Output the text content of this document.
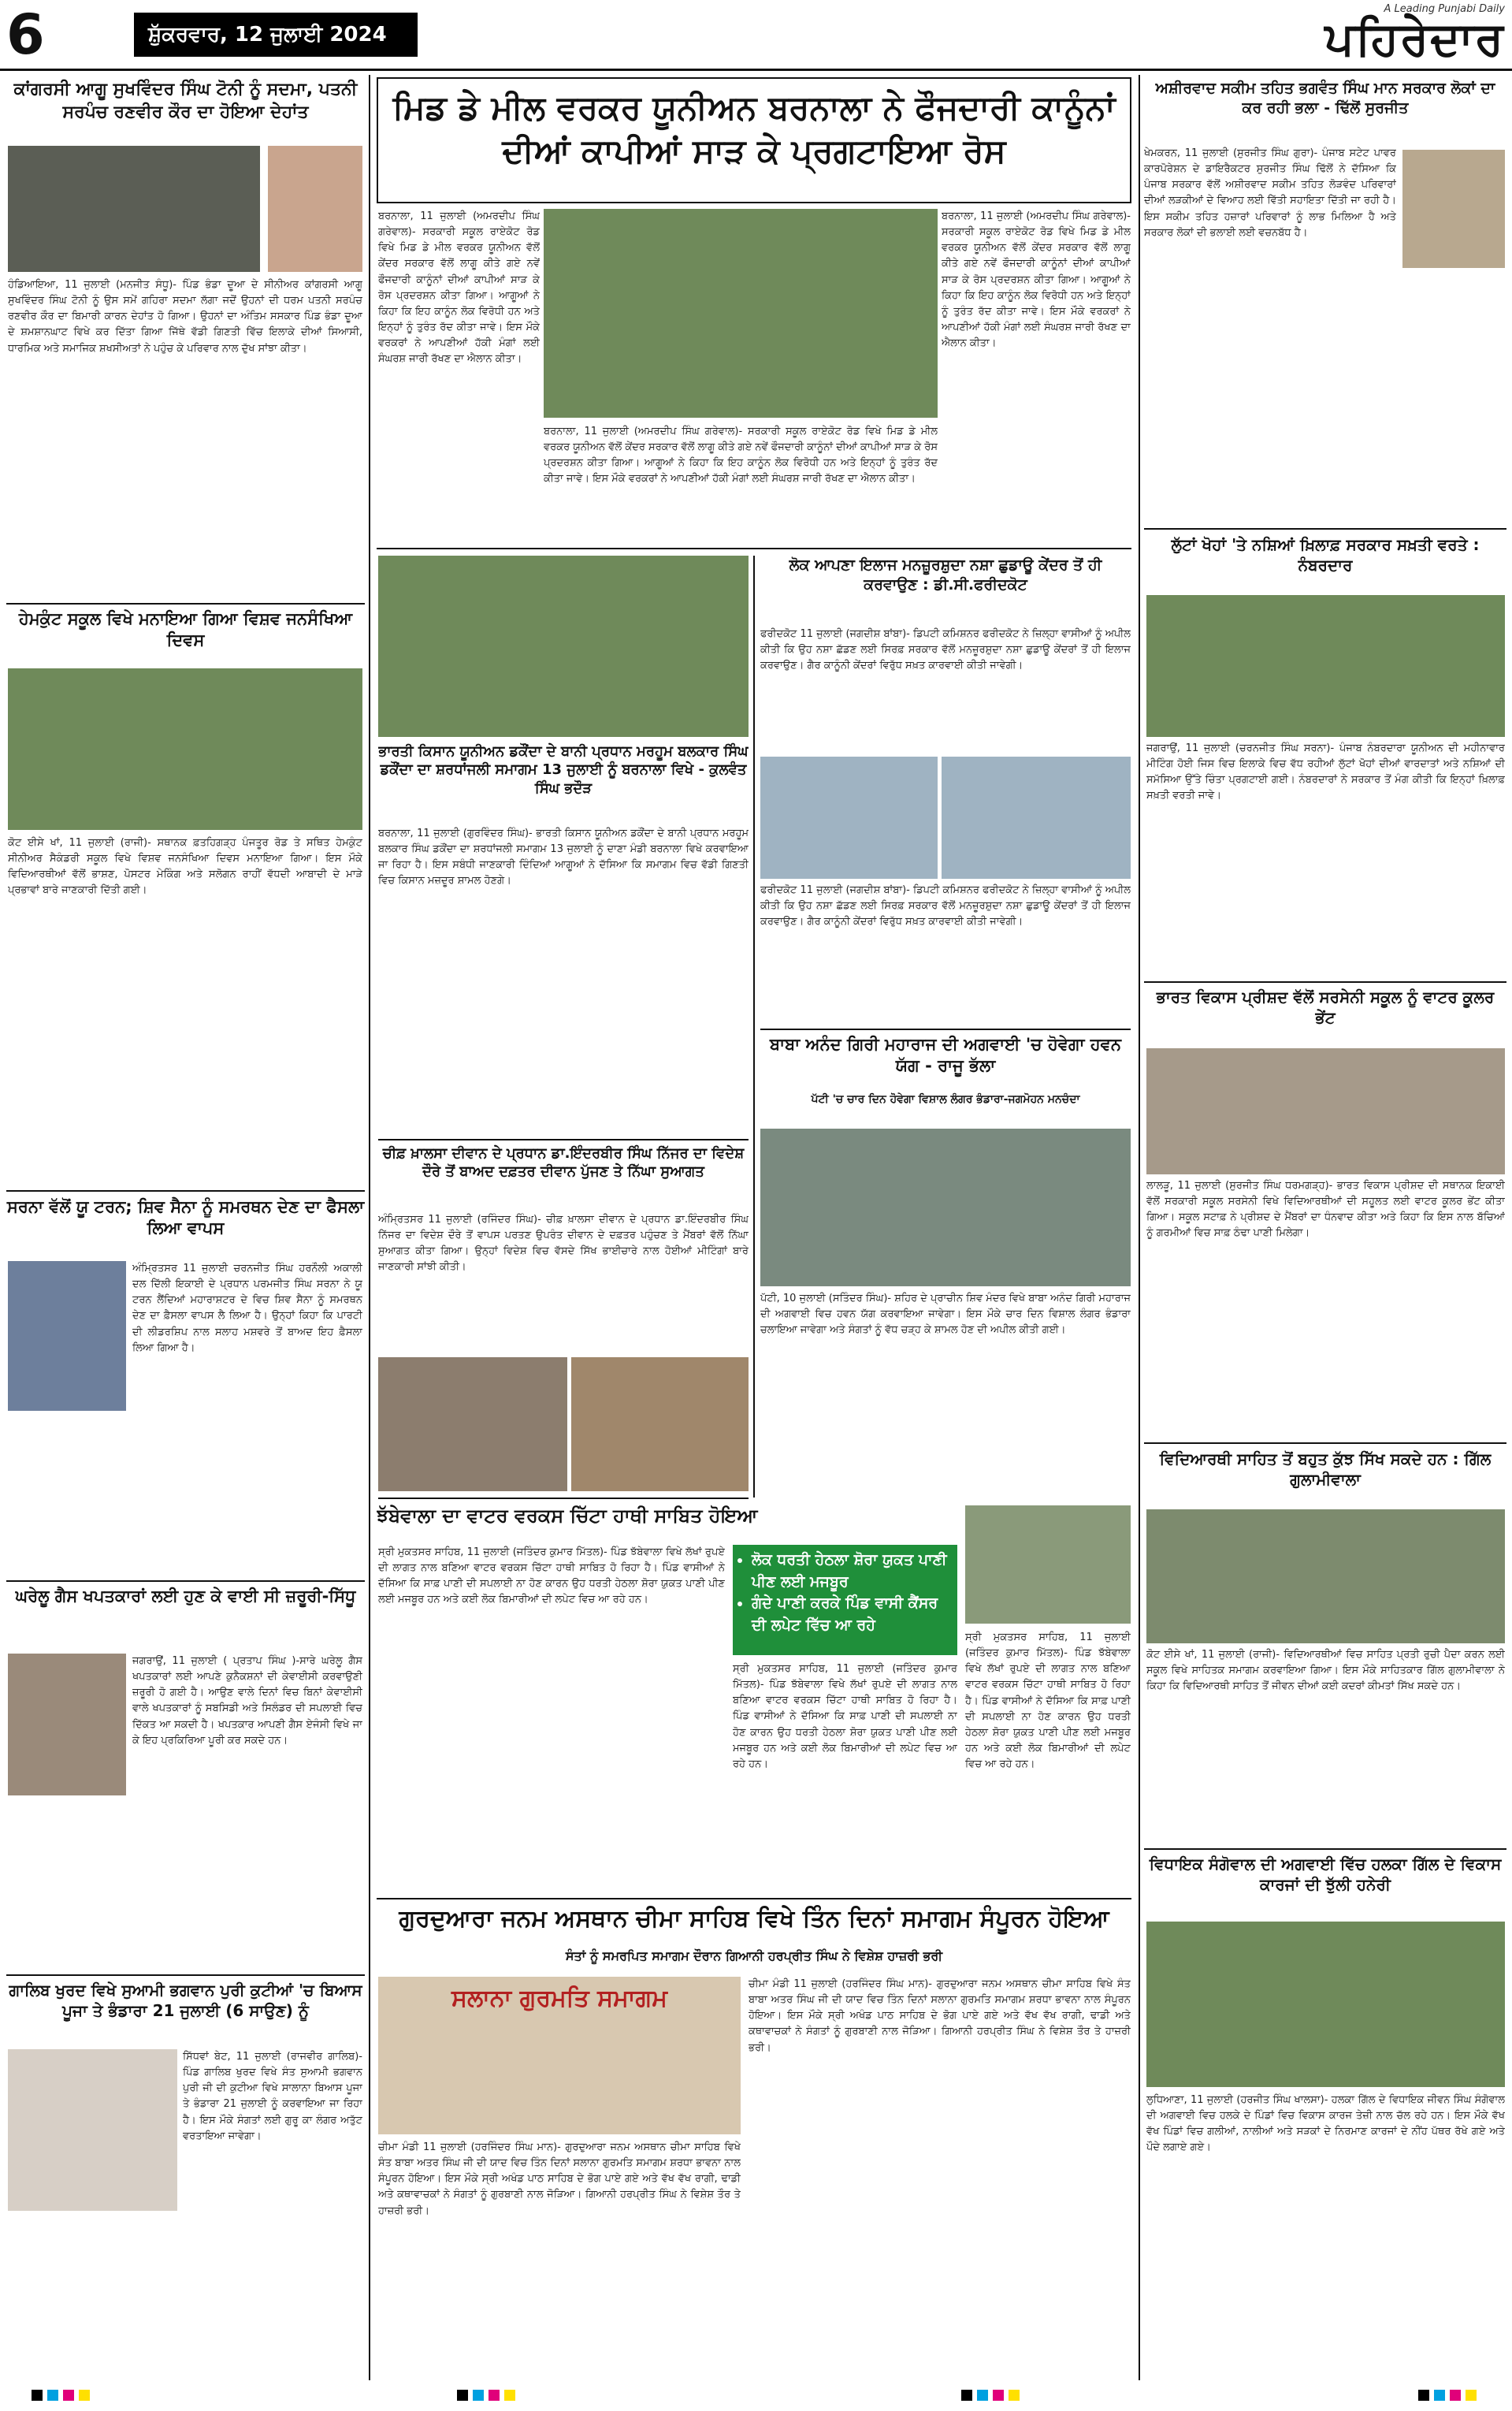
6	ਸ਼ੁੱਕਰਵਾਰ, 12 ਜੁਲਾਈ 2024
A Leading Punjabi Daily
ਪਹਿਰੇਦਾਰ
ਕਾਂਗਰਸੀ ਆਗੂ ਸੁਖਵਿੰਦਰ ਸਿੰਘ ਟੋਨੀ ਨੂੰ ਸਦਮਾ, ਪਤਨੀ ਸਰਪੰਚ ਰਣਵੀਰ ਕੌਰ ਦਾ ਹੋਇਆ ਦੇਹਾਂਤ
ਹੰਡਿਆਇਆ, 11 ਜੁਲਾਈ (ਮਨਜੀਤ ਸੰਧੂ)- ਪਿੰਡ ਭੰਡਾ ਦੂਆ ਦੇ ਸੀਨੀਅਰ ਕਾਂਗਰਸੀ ਆਗੂ ਸੁਖਵਿੰਦਰ ਸਿੰਘ ਟੋਨੀ ਨੂੰ ਉਸ ਸਮੇਂ ਗਹਿਰਾ ਸਦਮਾ ਲੱਗਾ ਜਦੋਂ ਉਹਨਾਂ ਦੀ ਧਰਮ ਪਤਨੀ ਸਰਪੰਚ ਰਣਵੀਰ ਕੌਰ ਦਾ ਬਿਮਾਰੀ ਕਾਰਨ ਦੇਹਾਂਤ ਹੋ ਗਿਆ। ਉਹਨਾਂ ਦਾ ਅੰਤਿਮ ਸਸਕਾਰ ਪਿੰਡ ਭੰਡਾ ਦੂਆ ਦੇ ਸ਼ਮਸ਼ਾਨਘਾਟ ਵਿਖੇ ਕਰ ਦਿੱਤਾ ਗਿਆ ਜਿੱਥੇ ਵੱਡੀ ਗਿਣਤੀ ਵਿੱਚ ਇਲਾਕੇ ਦੀਆਂ ਸਿਆਸੀ, ਧਾਰਮਿਕ ਅਤੇ ਸਮਾਜਿਕ ਸ਼ਖਸੀਅਤਾਂ ਨੇ ਪਹੁੰਚ ਕੇ ਪਰਿਵਾਰ ਨਾਲ ਦੁੱਖ ਸਾਂਝਾ ਕੀਤਾ।
ਹੇਮਕੁੰਟ ਸਕੂਲ ਵਿਖੇ ਮਨਾਇਆ ਗਿਆ ਵਿਸ਼ਵ ਜਨਸੰਖਿਆ ਦਿਵਸ
ਕੋਟ ਈਸੇ ਖਾਂ, 11 ਜੁਲਾਈ (ਰਾਜੀ)- ਸਥਾਨਕ ਫ਼ਤਹਿਗੜ੍ਹ ਪੰਜਤੂਰ ਰੋਡ ਤੇ ਸਥਿਤ ਹੇਮਕੁੰਟ ਸੀਨੀਅਰ ਸੈਕੰਡਰੀ ਸਕੂਲ ਵਿਖੇ ਵਿਸ਼ਵ ਜਨਸੰਖਿਆ ਦਿਵਸ ਮਨਾਇਆ ਗਿਆ। ਇਸ ਮੌਕੇ ਵਿਦਿਆਰਥੀਆਂ ਵੱਲੋਂ ਭਾਸ਼ਣ, ਪੋਸਟਰ ਮੇਕਿੰਗ ਅਤੇ ਸਲੋਗਨ ਰਾਹੀਂ ਵੱਧਦੀ ਆਬਾਦੀ ਦੇ ਮਾੜੇ ਪ੍ਰਭਾਵਾਂ ਬਾਰੇ ਜਾਣਕਾਰੀ ਦਿੱਤੀ ਗਈ।
ਸਰਨਾ ਵੱਲੋਂ ਯੂ ਟਰਨ; ਸ਼ਿਵ ਸੈਨਾ ਨੂੰ ਸਮਰਥਨ ਦੇਣ ਦਾ ਫੈਸਲਾ ਲਿਆ ਵਾਪਸ
ਅੰਮ੍ਰਿਤਸਰ 11 ਜੁਲਾਈ ਚਰਨਜੀਤ ਸਿੰਘ ਹਰਨੌਲੀ ਅਕਾਲੀ ਦਲ ਦਿੱਲੀ ਇਕਾਈ ਦੇ ਪ੍ਰਧਾਨ ਪਰਮਜੀਤ ਸਿੰਘ ਸਰਨਾ ਨੇ ਯੂ ਟਰਨ ਲੈਂਦਿਆਂ ਮਹਾਰਾਸ਼ਟਰ ਦੇ ਵਿਚ ਸ਼ਿਵ ਸੈਨਾ ਨੂੰ ਸਮਰਥਨ ਦੇਣ ਦਾ ਫ਼ੈਸਲਾ ਵਾਪਸ ਲੈ ਲਿਆ ਹੈ। ਉਨ੍ਹਾਂ ਕਿਹਾ ਕਿ ਪਾਰਟੀ ਦੀ ਲੀਡਰਸ਼ਿਪ ਨਾਲ ਸਲਾਹ ਮਸ਼ਵਰੇ ਤੋਂ ਬਾਅਦ ਇਹ ਫ਼ੈਸਲਾ ਲਿਆ ਗਿਆ ਹੈ।
ਘਰੇਲੂ ਗੈਸ ਖਪਤਕਾਰਾਂ ਲਈ ਹੁਣ ਕੇ ਵਾਈ ਸੀ ਜ਼ਰੂਰੀ-ਸਿੱਧੂ
ਜਗਰਾਉਂ, 11 ਜੁਲਾਈ ( ਪ੍ਰਤਾਪ ਸਿੰਘ )-ਸਾਰੇ ਘਰੇਲੂ ਗੈਸ ਖਪਤਕਾਰਾਂ ਲਈ ਆਪਣੇ ਕੁਨੈਕਸ਼ਨਾਂ ਦੀ ਕੇਵਾਈਸੀ ਕਰਵਾਉਣੀ ਜ਼ਰੂਰੀ ਹੋ ਗਈ ਹੈ। ਆਉਣ ਵਾਲੇ ਦਿਨਾਂ ਵਿਚ ਬਿਨਾਂ ਕੇਵਾਈਸੀ ਵਾਲੇ ਖਪਤਕਾਰਾਂ ਨੂੰ ਸਬਸਿਡੀ ਅਤੇ ਸਿਲੰਡਰ ਦੀ ਸਪਲਾਈ ਵਿਚ ਦਿੱਕਤ ਆ ਸਕਦੀ ਹੈ। ਖਪਤਕਾਰ ਆਪਣੀ ਗੈਸ ਏਜੰਸੀ ਵਿਖੇ ਜਾ ਕੇ ਇਹ ਪ੍ਰਕਿਰਿਆ ਪੂਰੀ ਕਰ ਸਕਦੇ ਹਨ।
ਗਾਲਿਬ ਖੁਰਦ ਵਿਖੇ ਸੁਆਮੀ ਭਗਵਾਨ ਪੁਰੀ ਕੁਟੀਆਂ 'ਚ ਬਿਆਸ ਪੂਜਾ ਤੇ ਭੰਡਾਰਾ 21 ਜੁਲਾਈ (6 ਸਾਉਣ) ਨੂੰ
ਸਿੱਧਵਾਂ ਬੇਟ, 11 ਜੁਲਾਈ (ਰਾਜਵੀਰ ਗਾਲਿਬ)- ਪਿੰਡ ਗਾਲਿਬ ਖੁਰਦ ਵਿਖੇ ਸੰਤ ਸੁਆਮੀ ਭਗਵਾਨ ਪੁਰੀ ਜੀ ਦੀ ਕੁਟੀਆ ਵਿਖੇ ਸਾਲਾਨਾ ਬਿਆਸ ਪੂਜਾ ਤੇ ਭੰਡਾਰਾ 21 ਜੁਲਾਈ ਨੂੰ ਕਰਵਾਇਆ ਜਾ ਰਿਹਾ ਹੈ। ਇਸ ਮੌਕੇ ਸੰਗਤਾਂ ਲਈ ਗੁਰੂ ਕਾ ਲੰਗਰ ਅਤੁੱਟ ਵਰਤਾਇਆ ਜਾਵੇਗਾ।
ਮਿਡ ਡੇ ਮੀਲ ਵਰਕਰ ਯੂਨੀਅਨ ਬਰਨਾਲਾ ਨੇ ਫੌਜਦਾਰੀ ਕਾਨੂੰਨਾਂ ਦੀਆਂ ਕਾਪੀਆਂ ਸਾੜ ਕੇ ਪ੍ਰਗਟਾਇਆ ਰੋਸ
ਬਰਨਾਲਾ, 11 ਜੁਲਾਈ (ਅਮਰਦੀਪ ਸਿੰਘ ਗਰੇਵਾਲ)- ਸਰਕਾਰੀ ਸਕੂਲ ਰਾਏਕੋਟ ਰੋਡ ਵਿਖੇ ਮਿਡ ਡੇ ਮੀਲ ਵਰਕਰ ਯੂਨੀਅਨ ਵੱਲੋਂ ਕੇਂਦਰ ਸਰਕਾਰ ਵੱਲੋਂ ਲਾਗੂ ਕੀਤੇ ਗਏ ਨਵੇਂ ਫੌਜਦਾਰੀ ਕਾਨੂੰਨਾਂ ਦੀਆਂ ਕਾਪੀਆਂ ਸਾੜ ਕੇ ਰੋਸ ਪ੍ਰਦਰਸ਼ਨ ਕੀਤਾ ਗਿਆ। ਆਗੂਆਂ ਨੇ ਕਿਹਾ ਕਿ ਇਹ ਕਾਨੂੰਨ ਲੋਕ ਵਿਰੋਧੀ ਹਨ ਅਤੇ ਇਨ੍ਹਾਂ ਨੂੰ ਤੁਰੰਤ ਰੱਦ ਕੀਤਾ ਜਾਵੇ। ਇਸ ਮੌਕੇ ਵਰਕਰਾਂ ਨੇ ਆਪਣੀਆਂ ਹੱਕੀ ਮੰਗਾਂ ਲਈ ਸੰਘਰਸ਼ ਜਾਰੀ ਰੱਖਣ ਦਾ ਐਲਾਨ ਕੀਤਾ।
ਬਰਨਾਲਾ, 11 ਜੁਲਾਈ (ਅਮਰਦੀਪ ਸਿੰਘ ਗਰੇਵਾਲ)- ਸਰਕਾਰੀ ਸਕੂਲ ਰਾਏਕੋਟ ਰੋਡ ਵਿਖੇ ਮਿਡ ਡੇ ਮੀਲ ਵਰਕਰ ਯੂਨੀਅਨ ਵੱਲੋਂ ਕੇਂਦਰ ਸਰਕਾਰ ਵੱਲੋਂ ਲਾਗੂ ਕੀਤੇ ਗਏ ਨਵੇਂ ਫੌਜਦਾਰੀ ਕਾਨੂੰਨਾਂ ਦੀਆਂ ਕਾਪੀਆਂ ਸਾੜ ਕੇ ਰੋਸ ਪ੍ਰਦਰਸ਼ਨ ਕੀਤਾ ਗਿਆ। ਆਗੂਆਂ ਨੇ ਕਿਹਾ ਕਿ ਇਹ ਕਾਨੂੰਨ ਲੋਕ ਵਿਰੋਧੀ ਹਨ ਅਤੇ ਇਨ੍ਹਾਂ ਨੂੰ ਤੁਰੰਤ ਰੱਦ ਕੀਤਾ ਜਾਵੇ। ਇਸ ਮੌਕੇ ਵਰਕਰਾਂ ਨੇ ਆਪਣੀਆਂ ਹੱਕੀ ਮੰਗਾਂ ਲਈ ਸੰਘਰਸ਼ ਜਾਰੀ ਰੱਖਣ ਦਾ ਐਲਾਨ ਕੀਤਾ।
ਬਰਨਾਲਾ, 11 ਜੁਲਾਈ (ਅਮਰਦੀਪ ਸਿੰਘ ਗਰੇਵਾਲ)- ਸਰਕਾਰੀ ਸਕੂਲ ਰਾਏਕੋਟ ਰੋਡ ਵਿਖੇ ਮਿਡ ਡੇ ਮੀਲ ਵਰਕਰ ਯੂਨੀਅਨ ਵੱਲੋਂ ਕੇਂਦਰ ਸਰਕਾਰ ਵੱਲੋਂ ਲਾਗੂ ਕੀਤੇ ਗਏ ਨਵੇਂ ਫੌਜਦਾਰੀ ਕਾਨੂੰਨਾਂ ਦੀਆਂ ਕਾਪੀਆਂ ਸਾੜ ਕੇ ਰੋਸ ਪ੍ਰਦਰਸ਼ਨ ਕੀਤਾ ਗਿਆ। ਆਗੂਆਂ ਨੇ ਕਿਹਾ ਕਿ ਇਹ ਕਾਨੂੰਨ ਲੋਕ ਵਿਰੋਧੀ ਹਨ ਅਤੇ ਇਨ੍ਹਾਂ ਨੂੰ ਤੁਰੰਤ ਰੱਦ ਕੀਤਾ ਜਾਵੇ। ਇਸ ਮੌਕੇ ਵਰਕਰਾਂ ਨੇ ਆਪਣੀਆਂ ਹੱਕੀ ਮੰਗਾਂ ਲਈ ਸੰਘਰਸ਼ ਜਾਰੀ ਰੱਖਣ ਦਾ ਐਲਾਨ ਕੀਤਾ।
ਭਾਰਤੀ ਕਿਸਾਨ ਯੂਨੀਅਨ ਡਕੌਂਦਾ ਦੇ ਬਾਨੀ ਪ੍ਰਧਾਨ ਮਰਹੂਮ ਬਲਕਾਰ ਸਿੰਘ ਡਕੌਂਦਾ ਦਾ ਸ਼ਰਧਾਂਜਲੀ ਸਮਾਗਮ 13 ਜੁਲਾਈ ਨੂੰ ਬਰਨਾਲਾ ਵਿਖੇ - ਕੁਲਵੰਤ ਸਿੰਘ ਭਦੌੜ
ਬਰਨਾਲਾ, 11 ਜੁਲਾਈ (ਗੁਰਵਿੰਦਰ ਸਿੰਘ)- ਭਾਰਤੀ ਕਿਸਾਨ ਯੂਨੀਅਨ ਡਕੌਂਦਾ ਦੇ ਬਾਨੀ ਪ੍ਰਧਾਨ ਮਰਹੂਮ ਬਲਕਾਰ ਸਿੰਘ ਡਕੌਂਦਾ ਦਾ ਸ਼ਰਧਾਂਜਲੀ ਸਮਾਗਮ 13 ਜੁਲਾਈ ਨੂੰ ਦਾਣਾ ਮੰਡੀ ਬਰਨਾਲਾ ਵਿਖੇ ਕਰਵਾਇਆ ਜਾ ਰਿਹਾ ਹੈ। ਇਸ ਸਬੰਧੀ ਜਾਣਕਾਰੀ ਦਿੰਦਿਆਂ ਆਗੂਆਂ ਨੇ ਦੱਸਿਆ ਕਿ ਸਮਾਗਮ ਵਿਚ ਵੱਡੀ ਗਿਣਤੀ ਵਿਚ ਕਿਸਾਨ ਮਜ਼ਦੂਰ ਸ਼ਾਮਲ ਹੋਣਗੇ।
ਚੀਫ਼ ਖ਼ਾਲਸਾ ਦੀਵਾਨ ਦੇ ਪ੍ਰਧਾਨ ਡਾ.ਇੰਦਰਬੀਰ ਸਿੰਘ ਨਿੱਜਰ ਦਾ ਵਿਦੇਸ਼ ਦੌਰੇ ਤੋਂ ਬਾਅਦ ਦਫ਼ਤਰ ਦੀਵਾਨ ਪੁੱਜਣ ਤੇ ਨਿੱਘਾ ਸੁਆਗਤ
ਅੰਮ੍ਰਿਤਸਰ 11 ਜੁਲਾਈ (ਰਜਿੰਦਰ ਸਿੰਘ)- ਚੀਫ਼ ਖ਼ਾਲਸਾ ਦੀਵਾਨ ਦੇ ਪ੍ਰਧਾਨ ਡਾ.ਇੰਦਰਬੀਰ ਸਿੰਘ ਨਿੱਜਰ ਦਾ ਵਿਦੇਸ਼ ਦੌਰੇ ਤੋਂ ਵਾਪਸ ਪਰਤਣ ਉਪਰੰਤ ਦੀਵਾਨ ਦੇ ਦਫ਼ਤਰ ਪਹੁੰਚਣ ਤੇ ਮੈਂਬਰਾਂ ਵੱਲੋਂ ਨਿੱਘਾ ਸੁਆਗਤ ਕੀਤਾ ਗਿਆ। ਉਨ੍ਹਾਂ ਵਿਦੇਸ਼ ਵਿਚ ਵੱਸਦੇ ਸਿੱਖ ਭਾਈਚਾਰੇ ਨਾਲ ਹੋਈਆਂ ਮੀਟਿੰਗਾਂ ਬਾਰੇ ਜਾਣਕਾਰੀ ਸਾਂਝੀ ਕੀਤੀ।
ਲੋਕ ਆਪਣਾ ਇਲਾਜ ਮਨਜ਼ੂਰਸ਼ੁਦਾ ਨਸ਼ਾ ਛੁਡਾਊ ਕੇਂਦਰ ਤੋਂ ਹੀ ਕਰਵਾਉਣ : ਡੀ.ਸੀ.ਫਰੀਦਕੋਟ
ਫਰੀਦਕੋਟ 11 ਜੁਲਾਈ (ਜਗਦੀਸ਼ ਬਾਂਬਾ)- ਡਿਪਟੀ ਕਮਿਸ਼ਨਰ ਫਰੀਦਕੋਟ ਨੇ ਜ਼ਿਲ੍ਹਾ ਵਾਸੀਆਂ ਨੂੰ ਅਪੀਲ ਕੀਤੀ ਕਿ ਉਹ ਨਸ਼ਾ ਛੱਡਣ ਲਈ ਸਿਰਫ਼ ਸਰਕਾਰ ਵੱਲੋਂ ਮਨਜ਼ੂਰਸ਼ੁਦਾ ਨਸ਼ਾ ਛੁਡਾਊ ਕੇਂਦਰਾਂ ਤੋਂ ਹੀ ਇਲਾਜ ਕਰਵਾਉਣ। ਗੈਰ ਕਾਨੂੰਨੀ ਕੇਂਦਰਾਂ ਵਿਰੁੱਧ ਸਖ਼ਤ ਕਾਰਵਾਈ ਕੀਤੀ ਜਾਵੇਗੀ।
ਫਰੀਦਕੋਟ 11 ਜੁਲਾਈ (ਜਗਦੀਸ਼ ਬਾਂਬਾ)- ਡਿਪਟੀ ਕਮਿਸ਼ਨਰ ਫਰੀਦਕੋਟ ਨੇ ਜ਼ਿਲ੍ਹਾ ਵਾਸੀਆਂ ਨੂੰ ਅਪੀਲ ਕੀਤੀ ਕਿ ਉਹ ਨਸ਼ਾ ਛੱਡਣ ਲਈ ਸਿਰਫ਼ ਸਰਕਾਰ ਵੱਲੋਂ ਮਨਜ਼ੂਰਸ਼ੁਦਾ ਨਸ਼ਾ ਛੁਡਾਊ ਕੇਂਦਰਾਂ ਤੋਂ ਹੀ ਇਲਾਜ ਕਰਵਾਉਣ। ਗੈਰ ਕਾਨੂੰਨੀ ਕੇਂਦਰਾਂ ਵਿਰੁੱਧ ਸਖ਼ਤ ਕਾਰਵਾਈ ਕੀਤੀ ਜਾਵੇਗੀ।
ਬਾਬਾ ਅਨੰਦ ਗਿਰੀ ਮਹਾਰਾਜ ਦੀ ਅਗਵਾਈ 'ਚ ਹੋਵੇਗਾ ਹਵਨ ਯੱਗ - ਰਾਜੂ ਭੱਲਾ
ਪੱਟੀ 'ਚ ਚਾਰ ਦਿਨ ਹੋਵੇਗਾ ਵਿਸ਼ਾਲ ਲੰਗਰ ਭੰਡਾਰਾ-ਜਗਮੋਹਨ ਮਨਚੰਦਾ
ਪੱਟੀ, 10 ਜੁਲਾਈ (ਸਤਿੰਦਰ ਸਿੰਘ)- ਸ਼ਹਿਰ ਦੇ ਪ੍ਰਾਚੀਨ ਸ਼ਿਵ ਮੰਦਰ ਵਿਖੇ ਬਾਬਾ ਅਨੰਦ ਗਿਰੀ ਮਹਾਰਾਜ ਦੀ ਅਗਵਾਈ ਵਿਚ ਹਵਨ ਯੱਗ ਕਰਵਾਇਆ ਜਾਵੇਗਾ। ਇਸ ਮੌਕੇ ਚਾਰ ਦਿਨ ਵਿਸ਼ਾਲ ਲੰਗਰ ਭੰਡਾਰਾ ਚਲਾਇਆ ਜਾਵੇਗਾ ਅਤੇ ਸੰਗਤਾਂ ਨੂੰ ਵੱਧ ਚੜ੍ਹ ਕੇ ਸ਼ਾਮਲ ਹੋਣ ਦੀ ਅਪੀਲ ਕੀਤੀ ਗਈ।
ਝੱਬੇਵਾਲਾ ਦਾ ਵਾਟਰ ਵਰਕਸ ਚਿੱਟਾ ਹਾਥੀ ਸਾਬਿਤ ਹੋਇਆ
• ਲੋਕ ਧਰਤੀ ਹੇਠਲਾ ਸ਼ੋਰਾ ਯੁਕਤ ਪਾਣੀ ਪੀਣ ਲਈ ਮਜਬੂਰ
• ਗੰਦੇ ਪਾਣੀ ਕਰਕੇ ਪਿੰਡ ਵਾਸੀ ਕੈਂਸਰ ਦੀ ਲਪੇਟ ਵਿੱਚ ਆ ਰਹੇ
ਸ੍ਰੀ ਮੁਕਤਸਰ ਸਾਹਿਬ, 11 ਜੁਲਾਈ (ਜਤਿੰਦਰ ਕੁਮਾਰ ਮਿੱਤਲ)- ਪਿੰਡ ਝੱਬੇਵਾਲਾ ਵਿਖੇ ਲੱਖਾਂ ਰੁਪਏ ਦੀ ਲਾਗਤ ਨਾਲ ਬਣਿਆ ਵਾਟਰ ਵਰਕਸ ਚਿੱਟਾ ਹਾਥੀ ਸਾਬਿਤ ਹੋ ਰਿਹਾ ਹੈ। ਪਿੰਡ ਵਾਸੀਆਂ ਨੇ ਦੱਸਿਆ ਕਿ ਸਾਫ਼ ਪਾਣੀ ਦੀ ਸਪਲਾਈ ਨਾ ਹੋਣ ਕਾਰਨ ਉਹ ਧਰਤੀ ਹੇਠਲਾ ਸ਼ੋਰਾ ਯੁਕਤ ਪਾਣੀ ਪੀਣ ਲਈ ਮਜਬੂਰ ਹਨ ਅਤੇ ਕਈ ਲੋਕ ਬਿਮਾਰੀਆਂ ਦੀ ਲਪੇਟ ਵਿਚ ਆ ਰਹੇ ਹਨ।
ਸ੍ਰੀ ਮੁਕਤਸਰ ਸਾਹਿਬ, 11 ਜੁਲਾਈ (ਜਤਿੰਦਰ ਕੁਮਾਰ ਮਿੱਤਲ)- ਪਿੰਡ ਝੱਬੇਵਾਲਾ ਵਿਖੇ ਲੱਖਾਂ ਰੁਪਏ ਦੀ ਲਾਗਤ ਨਾਲ ਬਣਿਆ ਵਾਟਰ ਵਰਕਸ ਚਿੱਟਾ ਹਾਥੀ ਸਾਬਿਤ ਹੋ ਰਿਹਾ ਹੈ। ਪਿੰਡ ਵਾਸੀਆਂ ਨੇ ਦੱਸਿਆ ਕਿ ਸਾਫ਼ ਪਾਣੀ ਦੀ ਸਪਲਾਈ ਨਾ ਹੋਣ ਕਾਰਨ ਉਹ ਧਰਤੀ ਹੇਠਲਾ ਸ਼ੋਰਾ ਯੁਕਤ ਪਾਣੀ ਪੀਣ ਲਈ ਮਜਬੂਰ ਹਨ ਅਤੇ ਕਈ ਲੋਕ ਬਿਮਾਰੀਆਂ ਦੀ ਲਪੇਟ ਵਿਚ ਆ ਰਹੇ ਹਨ।
ਸ੍ਰੀ ਮੁਕਤਸਰ ਸਾਹਿਬ, 11 ਜੁਲਾਈ (ਜਤਿੰਦਰ ਕੁਮਾਰ ਮਿੱਤਲ)- ਪਿੰਡ ਝੱਬੇਵਾਲਾ ਵਿਖੇ ਲੱਖਾਂ ਰੁਪਏ ਦੀ ਲਾਗਤ ਨਾਲ ਬਣਿਆ ਵਾਟਰ ਵਰਕਸ ਚਿੱਟਾ ਹਾਥੀ ਸਾਬਿਤ ਹੋ ਰਿਹਾ ਹੈ। ਪਿੰਡ ਵਾਸੀਆਂ ਨੇ ਦੱਸਿਆ ਕਿ ਸਾਫ਼ ਪਾਣੀ ਦੀ ਸਪਲਾਈ ਨਾ ਹੋਣ ਕਾਰਨ ਉਹ ਧਰਤੀ ਹੇਠਲਾ ਸ਼ੋਰਾ ਯੁਕਤ ਪਾਣੀ ਪੀਣ ਲਈ ਮਜਬੂਰ ਹਨ ਅਤੇ ਕਈ ਲੋਕ ਬਿਮਾਰੀਆਂ ਦੀ ਲਪੇਟ ਵਿਚ ਆ ਰਹੇ ਹਨ।
ਗੁਰਦੁਆਰਾ ਜਨਮ ਅਸਥਾਨ ਚੀਮਾ ਸਾਹਿਬ ਵਿਖੇ ਤਿੰਨ ਦਿਨਾਂ ਸਮਾਗਮ ਸੰਪੂਰਨ ਹੋਇਆ
ਸੰਤਾਂ ਨੂੰ ਸਮਰਪਿਤ ਸਮਾਗਮ ਦੌਰਾਨ ਗਿਆਨੀ ਹਰਪ੍ਰੀਤ ਸਿੰਘ ਨੇ ਵਿਸ਼ੇਸ਼ ਹਾਜ਼ਰੀ ਭਰੀ
ਸਲਾਨਾ ਗੁਰਮਤਿ ਸਮਾਗਮ
ਚੀਮਾ ਮੰਡੀ 11 ਜੁਲਾਈ (ਹਰਜਿੰਦਰ ਸਿੰਘ ਮਾਨ)- ਗੁਰਦੁਆਰਾ ਜਨਮ ਅਸਥਾਨ ਚੀਮਾ ਸਾਹਿਬ ਵਿਖੇ ਸੰਤ ਬਾਬਾ ਅਤਰ ਸਿੰਘ ਜੀ ਦੀ ਯਾਦ ਵਿਚ ਤਿੰਨ ਦਿਨਾਂ ਸਲਾਨਾ ਗੁਰਮਤਿ ਸਮਾਗਮ ਸ਼ਰਧਾ ਭਾਵਨਾ ਨਾਲ ਸੰਪੂਰਨ ਹੋਇਆ। ਇਸ ਮੌਕੇ ਸ੍ਰੀ ਅਖੰਡ ਪਾਠ ਸਾਹਿਬ ਦੇ ਭੋਗ ਪਾਏ ਗਏ ਅਤੇ ਵੱਖ ਵੱਖ ਰਾਗੀ, ਢਾਡੀ ਅਤੇ ਕਥਾਵਾਚਕਾਂ ਨੇ ਸੰਗਤਾਂ ਨੂੰ ਗੁਰਬਾਣੀ ਨਾਲ ਜੋੜਿਆ। ਗਿਆਨੀ ਹਰਪ੍ਰੀਤ ਸਿੰਘ ਨੇ ਵਿਸ਼ੇਸ਼ ਤੌਰ ਤੇ ਹਾਜ਼ਰੀ ਭਰੀ।
ਚੀਮਾ ਮੰਡੀ 11 ਜੁਲਾਈ (ਹਰਜਿੰਦਰ ਸਿੰਘ ਮਾਨ)- ਗੁਰਦੁਆਰਾ ਜਨਮ ਅਸਥਾਨ ਚੀਮਾ ਸਾਹਿਬ ਵਿਖੇ ਸੰਤ ਬਾਬਾ ਅਤਰ ਸਿੰਘ ਜੀ ਦੀ ਯਾਦ ਵਿਚ ਤਿੰਨ ਦਿਨਾਂ ਸਲਾਨਾ ਗੁਰਮਤਿ ਸਮਾਗਮ ਸ਼ਰਧਾ ਭਾਵਨਾ ਨਾਲ ਸੰਪੂਰਨ ਹੋਇਆ। ਇਸ ਮੌਕੇ ਸ੍ਰੀ ਅਖੰਡ ਪਾਠ ਸਾਹਿਬ ਦੇ ਭੋਗ ਪਾਏ ਗਏ ਅਤੇ ਵੱਖ ਵੱਖ ਰਾਗੀ, ਢਾਡੀ ਅਤੇ ਕਥਾਵਾਚਕਾਂ ਨੇ ਸੰਗਤਾਂ ਨੂੰ ਗੁਰਬਾਣੀ ਨਾਲ ਜੋੜਿਆ। ਗਿਆਨੀ ਹਰਪ੍ਰੀਤ ਸਿੰਘ ਨੇ ਵਿਸ਼ੇਸ਼ ਤੌਰ ਤੇ ਹਾਜ਼ਰੀ ਭਰੀ।
ਅਸ਼ੀਰਵਾਦ ਸਕੀਮ ਤਹਿਤ ਭਗਵੰਤ ਸਿੰਘ ਮਾਨ ਸਰਕਾਰ ਲੋਕਾਂ ਦਾ ਕਰ ਰਹੀ ਭਲਾ - ਢਿੱਲੋਂ ਸੁਰਜੀਤ
ਖੇਮਕਰਨ, 11 ਜੁਲਾਈ (ਸੁਰਜੀਤ ਸਿੰਘ ਗੁਰਾ)- ਪੰਜਾਬ ਸਟੇਟ ਪਾਵਰ ਕਾਰਪੋਰੇਸ਼ਨ ਦੇ ਡਾਇਰੈਕਟਰ ਸੁਰਜੀਤ ਸਿੰਘ ਢਿੱਲੋਂ ਨੇ ਦੱਸਿਆ ਕਿ ਪੰਜਾਬ ਸਰਕਾਰ ਵੱਲੋਂ ਅਸ਼ੀਰਵਾਦ ਸਕੀਮ ਤਹਿਤ ਲੋੜਵੰਦ ਪਰਿਵਾਰਾਂ ਦੀਆਂ ਲੜਕੀਆਂ ਦੇ ਵਿਆਹ ਲਈ ਵਿੱਤੀ ਸਹਾਇਤਾ ਦਿੱਤੀ ਜਾ ਰਹੀ ਹੈ। ਇਸ ਸਕੀਮ ਤਹਿਤ ਹਜ਼ਾਰਾਂ ਪਰਿਵਾਰਾਂ ਨੂੰ ਲਾਭ ਮਿਲਿਆ ਹੈ ਅਤੇ ਸਰਕਾਰ ਲੋਕਾਂ ਦੀ ਭਲਾਈ ਲਈ ਵਚਨਬੱਧ ਹੈ।
ਲੁੱਟਾਂ ਖੋਹਾਂ 'ਤੇ ਨਸ਼ਿਆਂ ਖ਼ਿਲਾਫ਼ ਸਰਕਾਰ ਸਖ਼ਤੀ ਵਰਤੇ : ਨੰਬਰਦਾਰ
ਜਗਰਾਉਂ, 11 ਜੁਲਾਈ (ਚਰਨਜੀਤ ਸਿੰਘ ਸਰਨਾ)- ਪੰਜਾਬ ਨੰਬਰਦਾਰਾ ਯੂਨੀਅਨ ਦੀ ਮਹੀਨਾਵਾਰ ਮੀਟਿੰਗ ਹੋਈ ਜਿਸ ਵਿਚ ਇਲਾਕੇ ਵਿਚ ਵੱਧ ਰਹੀਆਂ ਲੁੱਟਾਂ ਖੋਹਾਂ ਦੀਆਂ ਵਾਰਦਾਤਾਂ ਅਤੇ ਨਸ਼ਿਆਂ ਦੀ ਸਮੱਸਿਆ ਉੱਤੇ ਚਿੰਤਾ ਪ੍ਰਗਟਾਈ ਗਈ। ਨੰਬਰਦਾਰਾਂ ਨੇ ਸਰਕਾਰ ਤੋਂ ਮੰਗ ਕੀਤੀ ਕਿ ਇਨ੍ਹਾਂ ਖ਼ਿਲਾਫ਼ ਸਖ਼ਤੀ ਵਰਤੀ ਜਾਵੇ।
ਭਾਰਤ ਵਿਕਾਸ ਪ੍ਰੀਸ਼ਦ ਵੱਲੋਂ ਸਰਸੇਨੀ ਸਕੂਲ ਨੂੰ ਵਾਟਰ ਕੂਲਰ ਭੇਂਟ
ਲਾਲੜੂ, 11 ਜੁਲਾਈ (ਸੁਰਜੀਤ ਸਿੰਘ ਧਰਮਗੜ੍ਹ)- ਭਾਰਤ ਵਿਕਾਸ ਪ੍ਰੀਸ਼ਦ ਦੀ ਸਥਾਨਕ ਇਕਾਈ ਵੱਲੋਂ ਸਰਕਾਰੀ ਸਕੂਲ ਸਰਸੇਨੀ ਵਿਖੇ ਵਿਦਿਆਰਥੀਆਂ ਦੀ ਸਹੂਲਤ ਲਈ ਵਾਟਰ ਕੂਲਰ ਭੇਂਟ ਕੀਤਾ ਗਿਆ। ਸਕੂਲ ਸਟਾਫ਼ ਨੇ ਪ੍ਰੀਸ਼ਦ ਦੇ ਮੈਂਬਰਾਂ ਦਾ ਧੰਨਵਾਦ ਕੀਤਾ ਅਤੇ ਕਿਹਾ ਕਿ ਇਸ ਨਾਲ ਬੱਚਿਆਂ ਨੂੰ ਗਰਮੀਆਂ ਵਿਚ ਸਾਫ਼ ਠੰਢਾ ਪਾਣੀ ਮਿਲੇਗਾ।
ਵਿਦਿਆਰਥੀ ਸਾਹਿਤ ਤੋਂ ਬਹੁਤ ਕੁੱਝ ਸਿੱਖ ਸਕਦੇ ਹਨ : ਗਿੱਲ ਗੁਲਾਮੀਵਾਲਾ
ਕੋਟ ਈਸੇ ਖਾਂ, 11 ਜੁਲਾਈ (ਰਾਜੀ)- ਵਿਦਿਆਰਥੀਆਂ ਵਿਚ ਸਾਹਿਤ ਪ੍ਰਤੀ ਰੁਚੀ ਪੈਦਾ ਕਰਨ ਲਈ ਸਕੂਲ ਵਿਖੇ ਸਾਹਿਤਕ ਸਮਾਗਮ ਕਰਵਾਇਆ ਗਿਆ। ਇਸ ਮੌਕੇ ਸਾਹਿਤਕਾਰ ਗਿੱਲ ਗੁਲਾਮੀਵਾਲਾ ਨੇ ਕਿਹਾ ਕਿ ਵਿਦਿਆਰਥੀ ਸਾਹਿਤ ਤੋਂ ਜੀਵਨ ਦੀਆਂ ਕਈ ਕਦਰਾਂ ਕੀਮਤਾਂ ਸਿੱਖ ਸਕਦੇ ਹਨ।
ਵਿਧਾਇਕ ਸੰਗੋਵਾਲ ਦੀ ਅਗਵਾਈ ਵਿੱਚ ਹਲਕਾ ਗਿੱਲ ਦੇ ਵਿਕਾਸ ਕਾਰਜਾਂ ਦੀ ਝੁੱਲੀ ਹਨੇਰੀ
ਲੁਧਿਆਣਾ, 11 ਜੁਲਾਈ (ਹਰਜੀਤ ਸਿੰਘ ਖਾਲਸਾ)- ਹਲਕਾ ਗਿੱਲ ਦੇ ਵਿਧਾਇਕ ਜੀਵਨ ਸਿੰਘ ਸੰਗੋਵਾਲ ਦੀ ਅਗਵਾਈ ਵਿਚ ਹਲਕੇ ਦੇ ਪਿੰਡਾਂ ਵਿਚ ਵਿਕਾਸ ਕਾਰਜ ਤੇਜ਼ੀ ਨਾਲ ਚੱਲ ਰਹੇ ਹਨ। ਇਸ ਮੌਕੇ ਵੱਖ ਵੱਖ ਪਿੰਡਾਂ ਵਿਚ ਗਲੀਆਂ, ਨਾਲੀਆਂ ਅਤੇ ਸੜਕਾਂ ਦੇ ਨਿਰਮਾਣ ਕਾਰਜਾਂ ਦੇ ਨੀਂਹ ਪੱਥਰ ਰੱਖੇ ਗਏ ਅਤੇ ਪੌਦੇ ਲਗਾਏ ਗਏ।
